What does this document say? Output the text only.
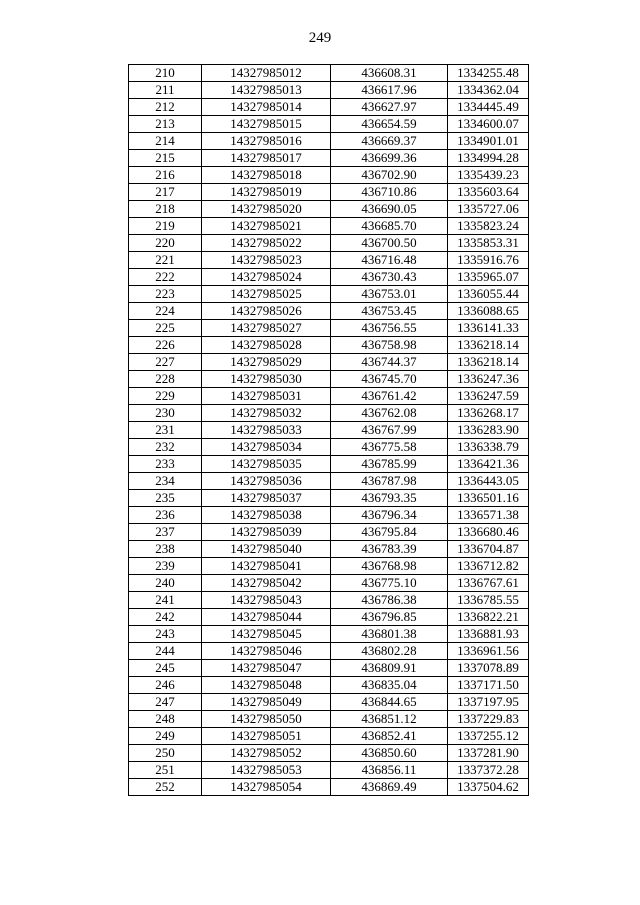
249
210	14327985012	436608.31	1334255.48
211	14327985013	436617.96	1334362.04
212	14327985014	436627.97	1334445.49
213	14327985015	436654.59	1334600.07
214	14327985016	436669.37	1334901.01
215	14327985017	436699.36	1334994.28
216	14327985018	436702.90	1335439.23
217	14327985019	436710.86	1335603.64
218	14327985020	436690.05	1335727.06
219	14327985021	436685.70	1335823.24
220	14327985022	436700.50	1335853.31
221	14327985023	436716.48	1335916.76
222	14327985024	436730.43	1335965.07
223	14327985025	436753.01	1336055.44
224	14327985026	436753.45	1336088.65
225	14327985027	436756.55	1336141.33
226	14327985028	436758.98	1336218.14
227	14327985029	436744.37	1336218.14
228	14327985030	436745.70	1336247.36
229	14327985031	436761.42	1336247.59
230	14327985032	436762.08	1336268.17
231	14327985033	436767.99	1336283.90
232	14327985034	436775.58	1336338.79
233	14327985035	436785.99	1336421.36
234	14327985036	436787.98	1336443.05
235	14327985037	436793.35	1336501.16
236	14327985038	436796.34	1336571.38
237	14327985039	436795.84	1336680.46
238	14327985040	436783.39	1336704.87
239	14327985041	436768.98	1336712.82
240	14327985042	436775.10	1336767.61
241	14327985043	436786.38	1336785.55
242	14327985044	436796.85	1336822.21
243	14327985045	436801.38	1336881.93
244	14327985046	436802.28	1336961.56
245	14327985047	436809.91	1337078.89
246	14327985048	436835.04	1337171.50
247	14327985049	436844.65	1337197.95
248	14327985050	436851.12	1337229.83
249	14327985051	436852.41	1337255.12
250	14327985052	436850.60	1337281.90
251	14327985053	436856.11	1337372.28
252	14327985054	436869.49	1337504.62
